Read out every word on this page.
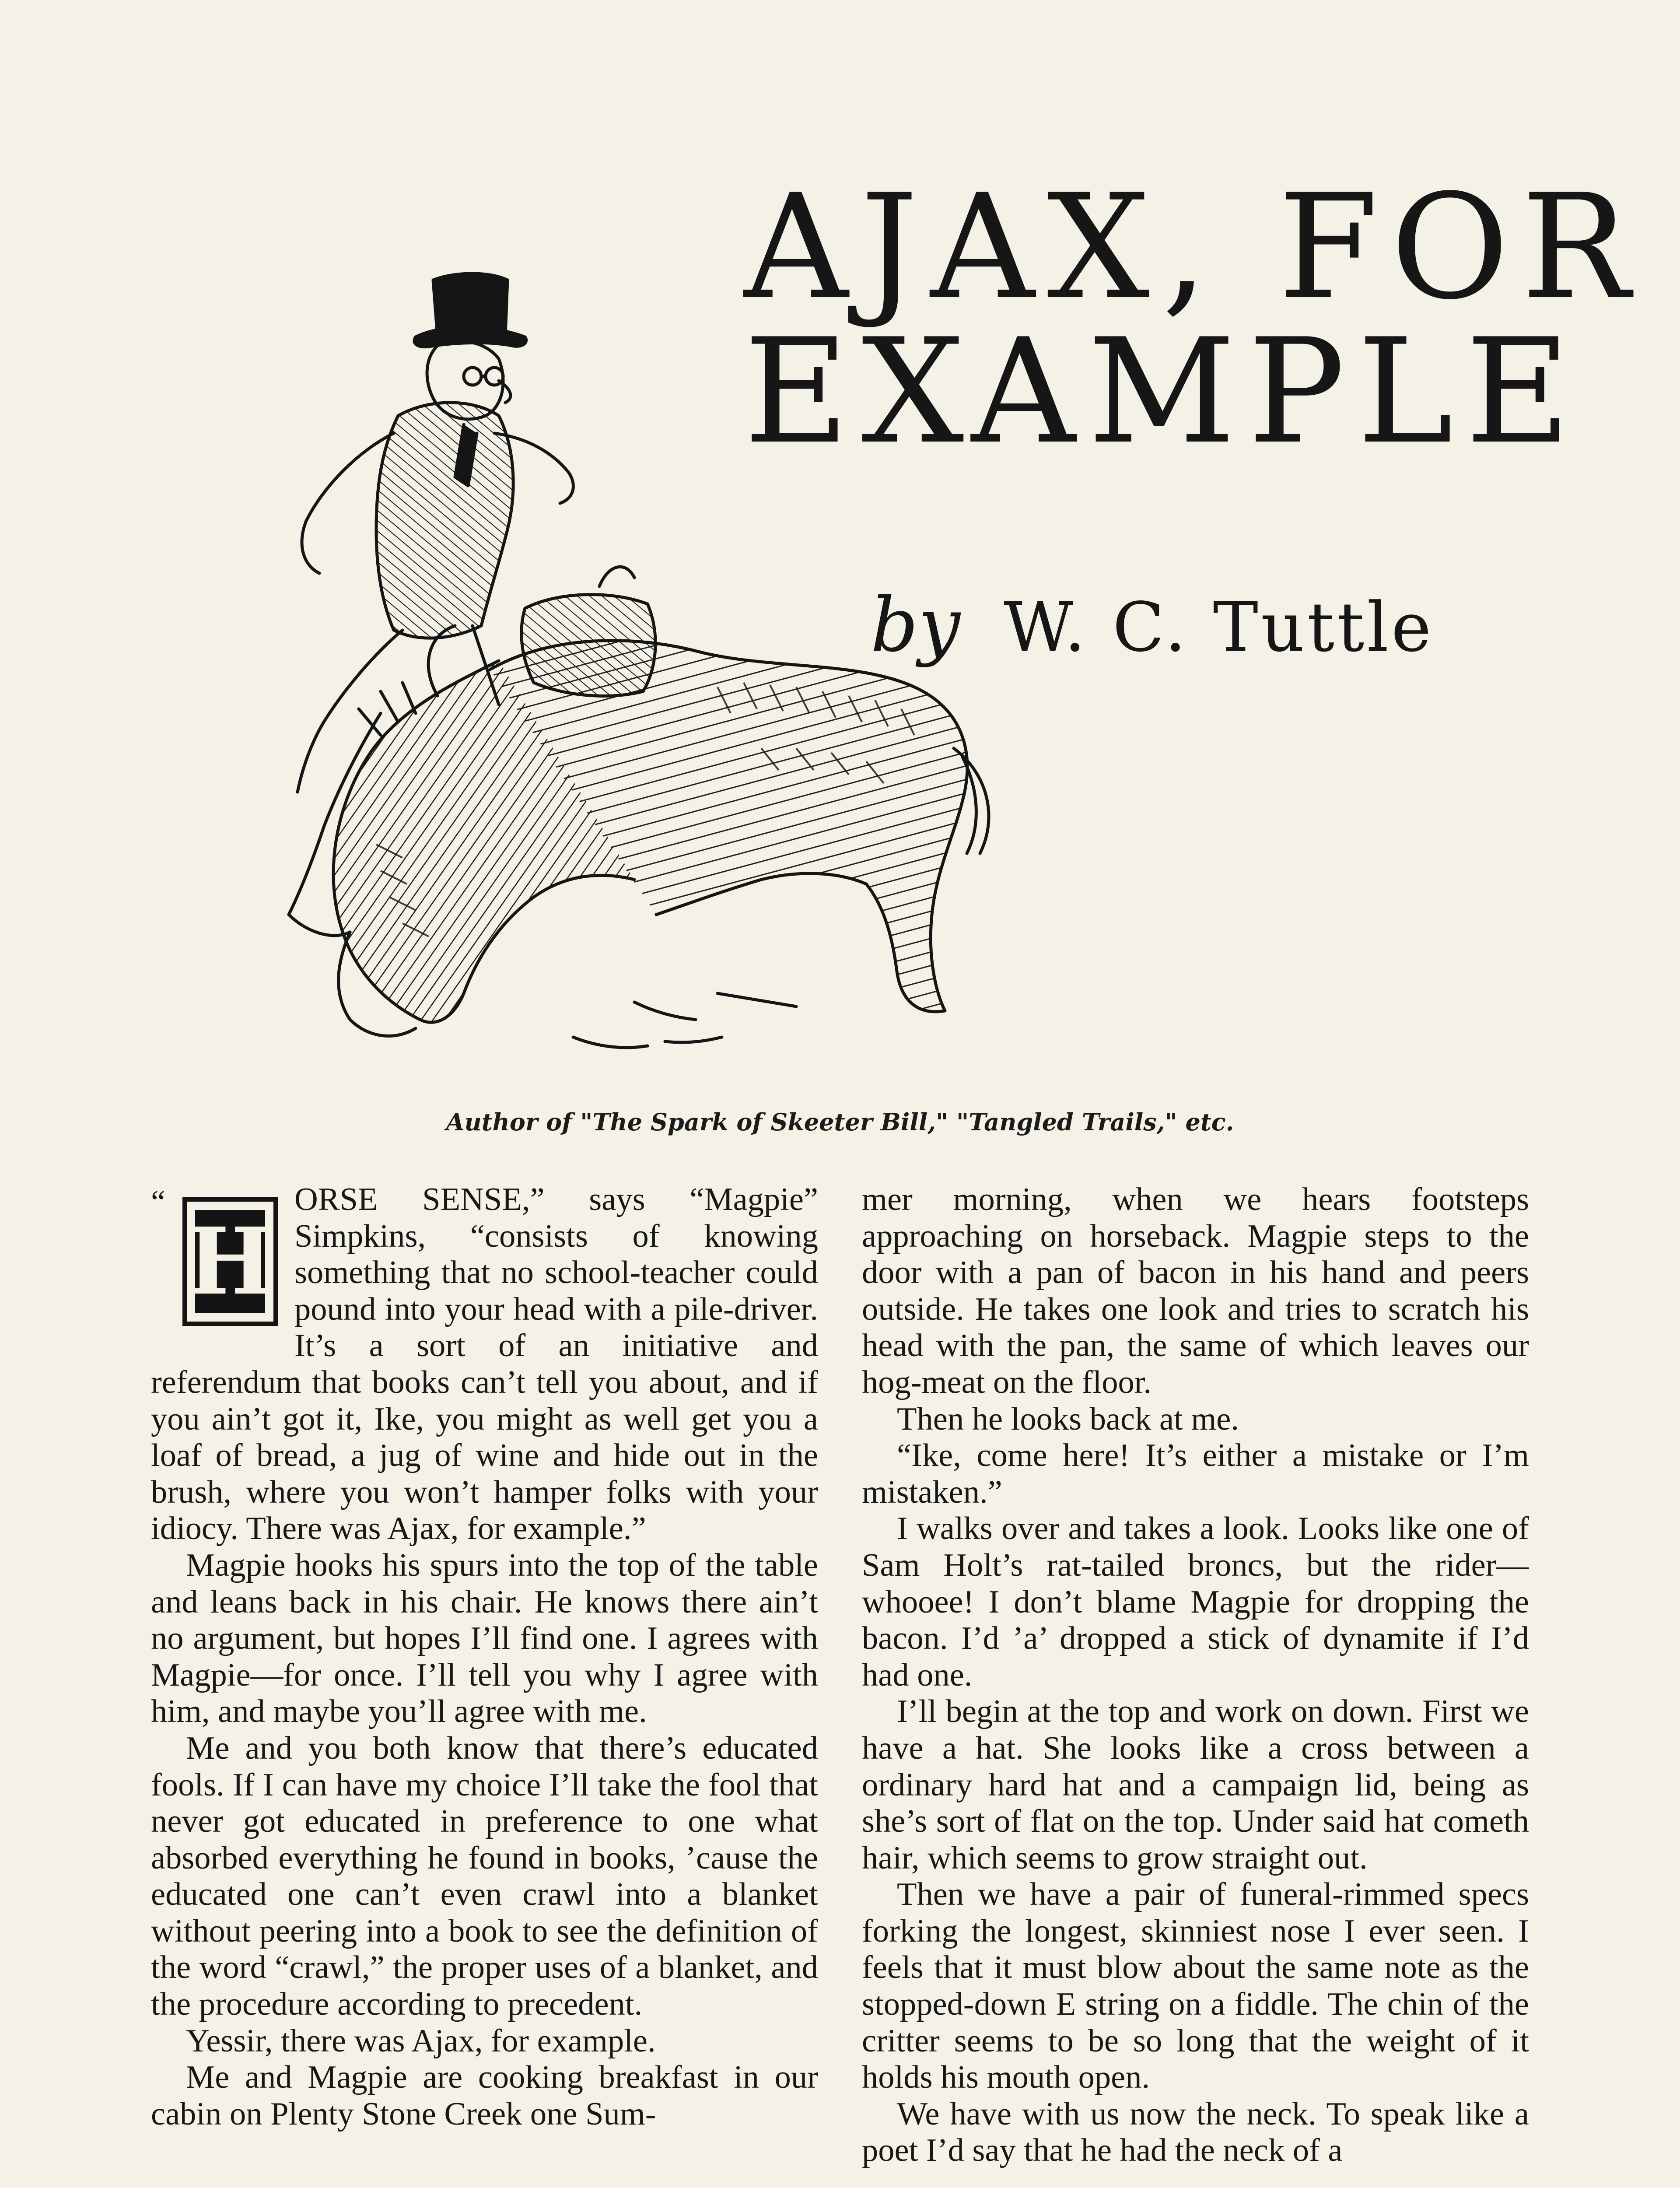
AJAX, FOR
EXAMPLE
by W. C. Tuttle
Author of "The Spark of Skeeter Bill," "Tangled Trails," etc.
“
H

ORSE SENSE,” says “Magpie” Simpkins, “consists of knowing something that no school-teacher could pound into your head with a pile-driver. It’s a sort of an initiative and referendum that books can’t tell you about, and if you ain’t got it, Ike, you might as well get you a loaf of bread, a jug of wine and hide out in the brush, where you won’t hamper folks with your idiocy. There was Ajax, for example.”

Magpie hooks his spurs into the top of the table and leans back in his chair. He knows there ain’t no argument, but hopes I’ll find one. I agrees with Magpie—for once. I’ll tell you why I agree with him, and maybe you’ll agree with me.

Me and you both know that there’s educated fools. If I can have my choice I’ll take the fool that never got educated in preference to one what absorbed everything he found in books, ’cause the educated one can’t even crawl into a blanket without peering into a book to see the definition of the word “crawl,” the proper uses of a blanket, and the procedure according to precedent.

Yessir, there was Ajax, for example.

Me and Magpie are cooking breakfast in our cabin on Plenty Stone Creek one Sum-

mer morning, when we hears footsteps approaching on horseback. Magpie steps to the door with a pan of bacon in his hand and peers outside. He takes one look and tries to scratch his head with the pan, the same of which leaves our hog-meat on the floor.

Then he looks back at me.

“Ike, come here! It’s either a mistake or I’m mistaken.”

I walks over and takes a look. Looks like one of Sam Holt’s rat-tailed broncs, but the rider—whooee! I don’t blame Magpie for dropping the bacon. I’d ’a’ dropped a stick of dynamite if I’d had one.

I’ll begin at the top and work on down. First we have a hat. She looks like a cross between a ordinary hard hat and a campaign lid, being as she’s sort of flat on the top. Under said hat cometh hair, which seems to grow straight out.

Then we have a pair of funeral-rimmed specs forking the longest, skinniest nose I ever seen. I feels that it must blow about the same note as the stopped-down E string on a fiddle. The chin of the critter seems to be so long that the weight of it holds his mouth open.

We have with us now the neck. To speak like a poet I’d say that he had the neck of a
